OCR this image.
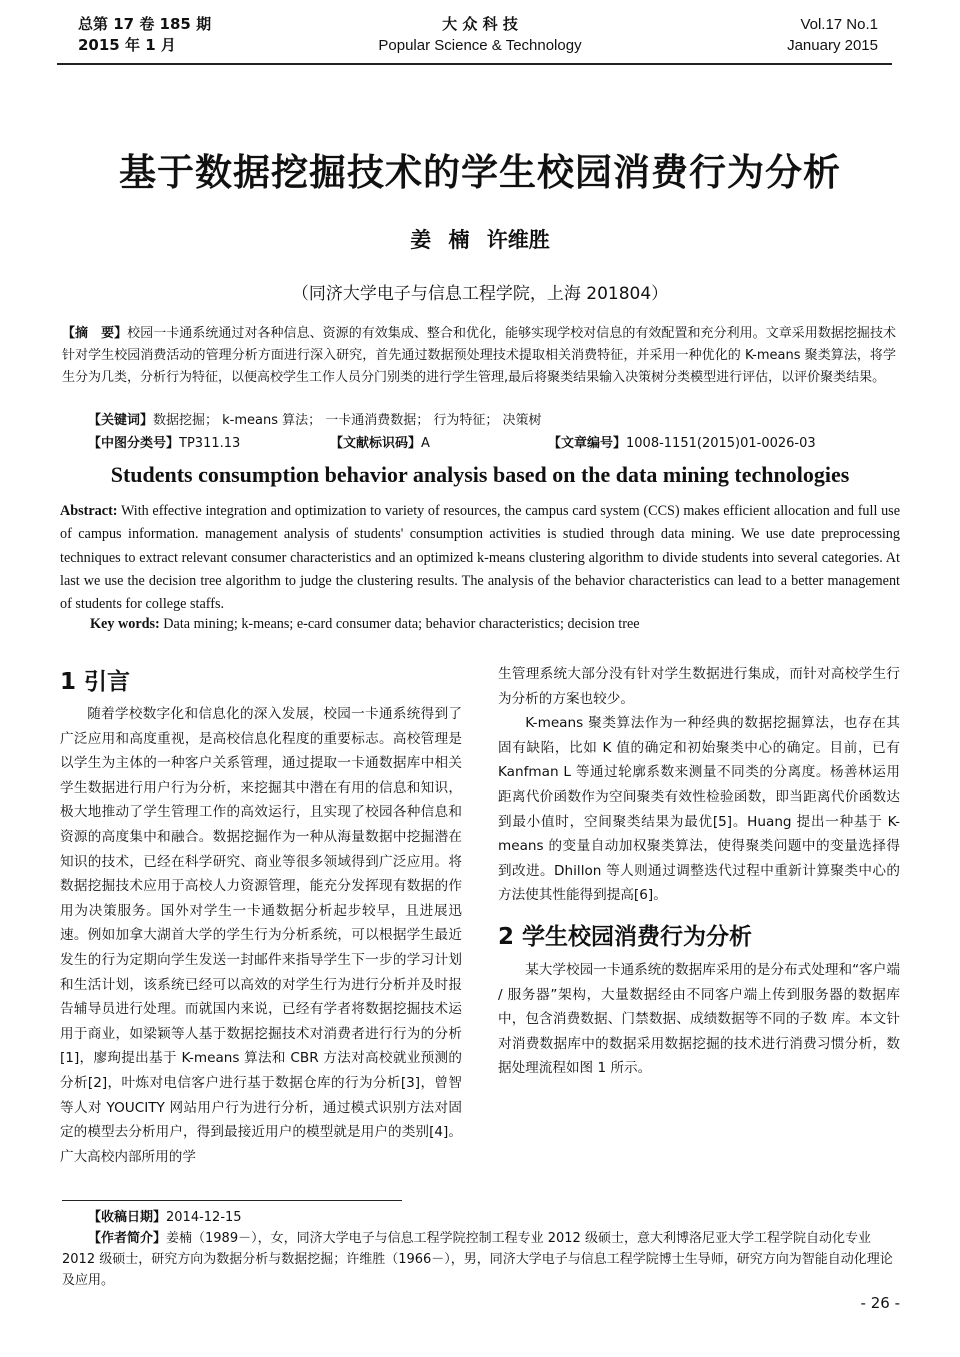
总第 17 卷 185 期
2015 年 1 月
大 众 科 技
Popular Science & Technology
Vol.17 No.1
January 2015
基于数据挖掘技术的学生校园消费行为分析
姜 楠 许维胜
（同济大学电子与信息工程学院，上海 201804）
【摘　要】校园一卡通系统通过对各种信息、资源的有效集成、整合和优化，能够实现学校对信息的有效配置和充分利用。文章采用数据挖掘技术针对学生校园消费活动的管理分析方面进行深入研究，首先通过数据预处理技术提取相关消费特征，并采用一种优化的 K-means 聚类算法，将学生分为几类，分析行为特征，以便高校学生工作人员分门别类的进行学生管理,最后将聚类结果输入决策树分类模型进行评估，以评价聚类结果。
【关键词】数据挖掘； k-means 算法； 一卡通消费数据； 行为特征； 决策树
【中图分类号】TP311.13	【文献标识码】A	【文章编号】1008-1151(2015)01-0026-03
Students consumption behavior analysis based on the data mining technologies
Abstract: With effective integration and optimization to variety of resources, the campus card system (CCS) makes efficient allocation and full use of campus information. management analysis of students' consumption activities is studied through data mining. We use date preprocessing techniques to extract relevant consumer characteristics and an optimized k-means clustering algorithm to divide students into several categories. At last we use the decision tree algorithm to judge the clustering results. The analysis of the behavior characteristics can lead to a better management of students for college staffs.
Key words: Data mining; k-means; e-card consumer data; behavior characteristics; decision tree
1 引言

随着学校数字化和信息化的深入发展，校园一卡通系统得到了广泛应用和高度重视，是高校信息化程度的重要标志。高校管理是以学生为主体的一种客户关系管理，通过提取一卡通数据库中相关学生数据进行用户行为分析，来挖掘其中潜在有用的信息和知识，极大地推动了学生管理工作的高效运行，且实现了校园各种信息和资源的高度集中和融合。数据挖掘作为一种从海量数据中挖掘潜在知识的技术，已经在科学研究、商业等很多领域得到广泛应用。将数据挖掘技术应用于高校人力资源管理，能充分发挥现有数据的作用为决策服务。国外对学生一卡通数据分析起步较早，且进展迅速。例如加拿大湖首大学的学生行为分析系统，可以根据学生最近发生的行为定期向学生发送一封邮件来指导学生下一步的学习计划和生活计划，该系统已经可以高效的对学生行为进行分析并及时报告辅导员进行处理。而就国内来说，已经有学者将数据挖掘技术运用于商业，如梁颖等人基于数据挖掘技术对消费者进行行为的分析[1]，廖珣提出基于 K-means 算法和 CBR 方法对高校就业预测的分析[2]，叶炼对电信客户进行基于数据仓库的行为分析[3]，曾智等人对 YOUCITY 网站用户行为进行分析，通过模式识别方法对固定的模型去分析用户，得到最接近用户的模型就是用户的类别[4]。广大高校内部所用的学

生管理系统大部分没有针对学生数据进行集成，而针对高校学生行为分析的方案也较少。

K-means 聚类算法作为一种经典的数据挖掘算法，也存在其固有缺陷，比如 K 值的确定和初始聚类中心的确定。目前，已有 Kanfman L 等通过轮廓系数来测量不同类的分离度。杨善林运用距离代价函数作为空间聚类有效性检验函数，即当距离代价函数达到最小值时，空间聚类结果为最优[5]。Huang 提出一种基于 K-means 的变量自动加权聚类算法，使得聚类问题中的变量选择得到改进。Dhillon 等人则通过调整迭代过程中重新计算聚类中心的方法使其性能得到提高[6]。

2 学生校园消费行为分析

某大学校园一卡通系统的数据库采用的是分布式处理和“客户端 / 服务器”架构，大量数据经由不同客户端上传到服务器的数据库中，包含消费数据、门禁数据、成绩数据等不同的子数 库。本文针对消费数据库中的数据采用数据挖掘的技术进行消费习惯分析，数据处理流程如图 1 所示。

【收稿日期】2014-12-15
【作者简介】姜楠（1989－），女，同济大学电子与信息工程学院控制工程专业 2012 级硕士，意大利博洛尼亚大学工程学院自动化专业 2012 级硕士，研究方向为数据分析与数据挖掘；许维胜（1966－），男，同济大学电子与信息工程学院博士生导师，研究方向为智能自动化理论及应用。
- 26 -
